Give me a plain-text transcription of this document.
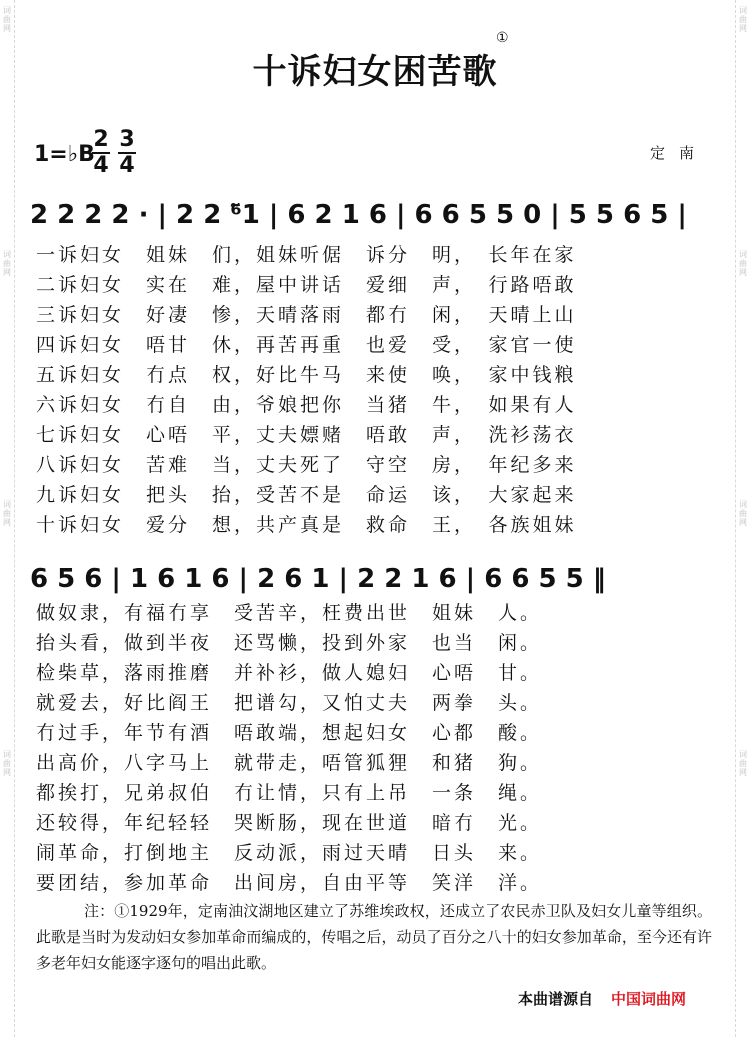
词曲网
词曲网
词曲网
词曲网
词曲网
词曲网
词曲网
词曲网
十诉妇女困苦歌
①
1=♭B
2
4
3
4	定南
2 2 2 2 · | 2 2 ⁶̃1 | 6 2 1 6 | 6 6 5 5 0 | 5 5 6 5 |
一诉妇女　姐妹　们，姐妹听倨　诉分　明，　长年在家
二诉妇女　实在　难，屋中讲话　爱细　声，　行路唔敢
三诉妇女　好凄　惨，天晴落雨　都冇　闲，　天晴上山
四诉妇女　唔甘　休，再苦再重　也爱　受，　家官一使
五诉妇女　冇点　权，好比牛马　来使　唤，　家中钱粮
六诉妇女　冇自　由，爷娘把你　当猪　牛，　如果有人
七诉妇女　心唔　平，丈夫嫖赌　唔敢　声，　洗衫荡衣
八诉妇女　苦难　当，丈夫死了　守空　房，　年纪多来
九诉妇女　把头　抬，受苦不是　命运　该，　大家起来
十诉妇女　爱分　想，共产真是　救命　王，　各族姐妹
6 5 6 | 1 6 1 6 | 2 6 1 | 2 2 1 6 | 6 6 5 5 ‖
做奴隶，有福冇享　受苦辛，枉费出世　姐妹　人。
抬头看，做到半夜　还骂懒，投到外家　也当　闲。
检柴草，落雨推磨　并补衫，做人媳妇　心唔　甘。
就爱去，好比阎王　把谱勾，又怕丈夫　两拳　头。
冇过手，年节有酒　唔敢端，想起妇女　心都　酸。
出高价，八字马上　就带走，唔管狐狸　和猪　狗。
都挨打，兄弟叔伯　冇让情，只有上吊　一条　绳。
还较得，年纪轻轻　哭断肠，现在世道　暗冇　光。
闹革命，打倒地主　反动派，雨过天晴　日头　来。
要团结，参加革命　出间房，自由平等　笑洋　洋。
注：①1929年，定南油汶湖地区建立了苏维埃政权，还成立了农民赤卫队及妇女儿童等组织。此歌是当时为发动妇女参加革命而编成的，传唱之后，动员了百分之八十的妇女参加革命，至今还有许多老年妇女能逐字逐句的唱出此歌。
本曲谱源自 中国词曲网
